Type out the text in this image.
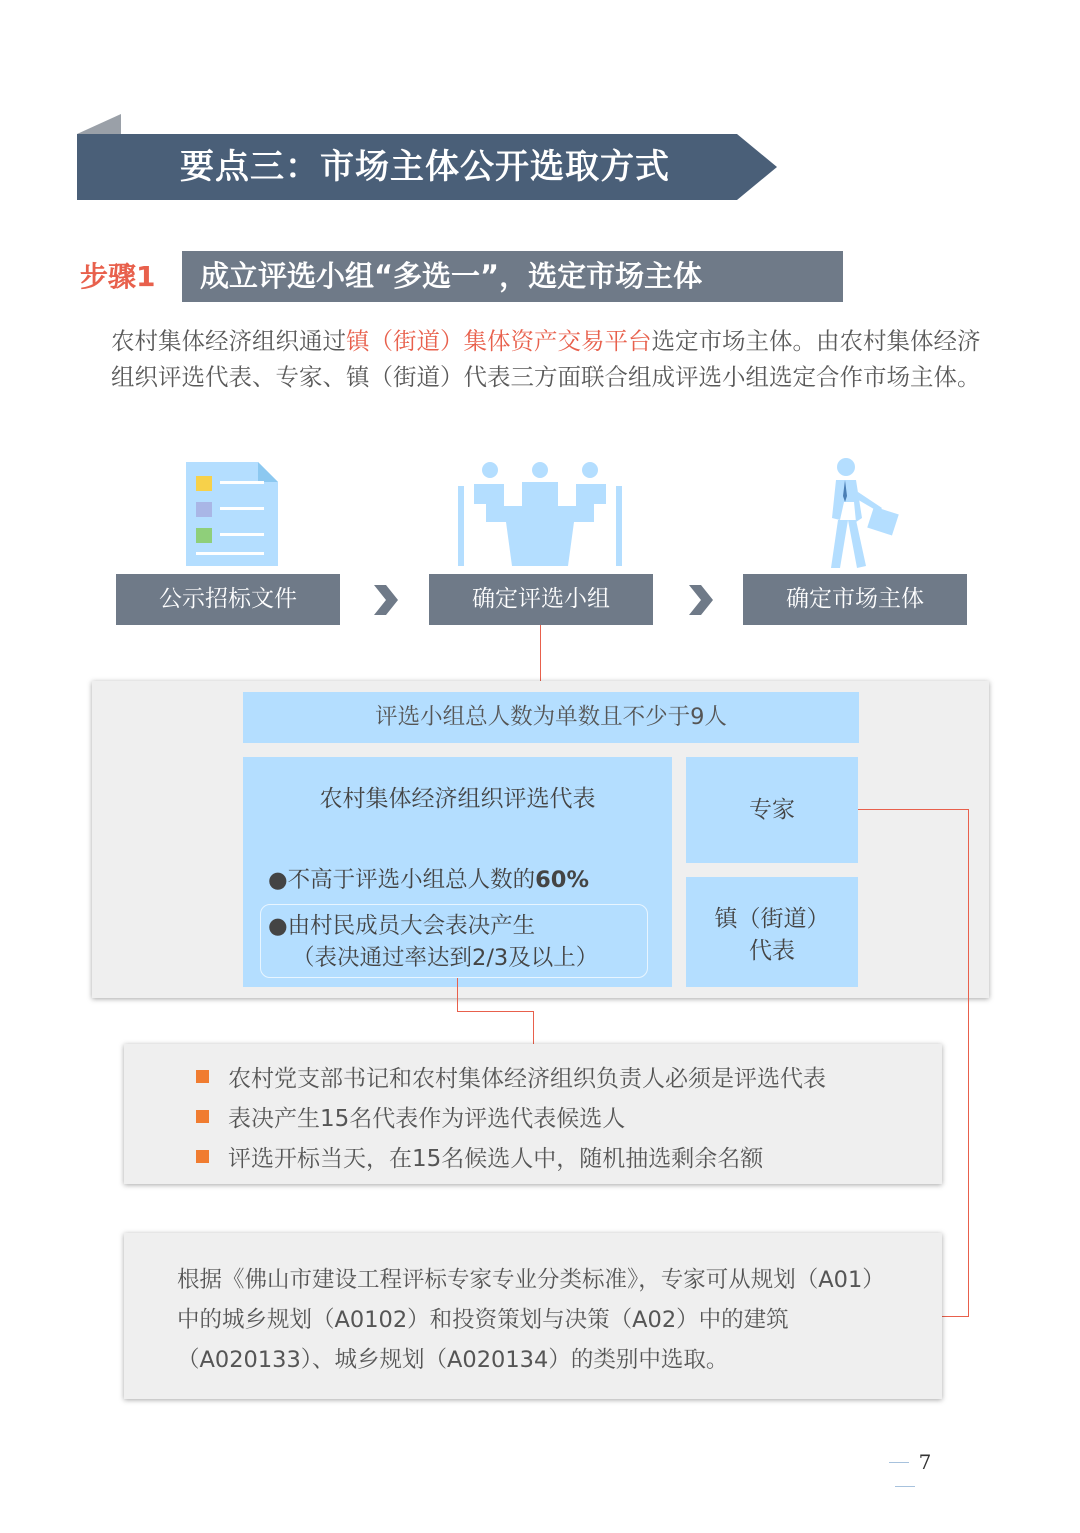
要点三：市场主体公开选取方式
步骤1 成立评选小组“多选一”，选定市场主体
农村集体经济组织通过镇（街道）集体资产交易平台选定市场主体。由农村集体经济组织评选代表、专家、镇（街道）代表三方面联合组成评选小组选定合作市场主体。
公示招标文件	确定评选小组	确定市场主体
评选小组总人数为单数且不少于9人
农村集体经济组织评选代表
●不高于评选小组总人数的60%
●由村民成员大会表决产生
（表决通过率达到2/3及以上）
专家
镇（街道）
代表
农村党支部书记和农村集体经济组织负责人必须是评选代表
表决产生15名代表作为评选代表候选人
评选开标当天，在15名候选人中，随机抽选剩余名额
根据《佛山市建设工程评标专家专业分类标准》，专家可从规划（A01）中的城乡规划（A0102）和投资策划与决策（A02）中的建筑（A020133）、城乡规划（A020134）的类别中选取。
7
